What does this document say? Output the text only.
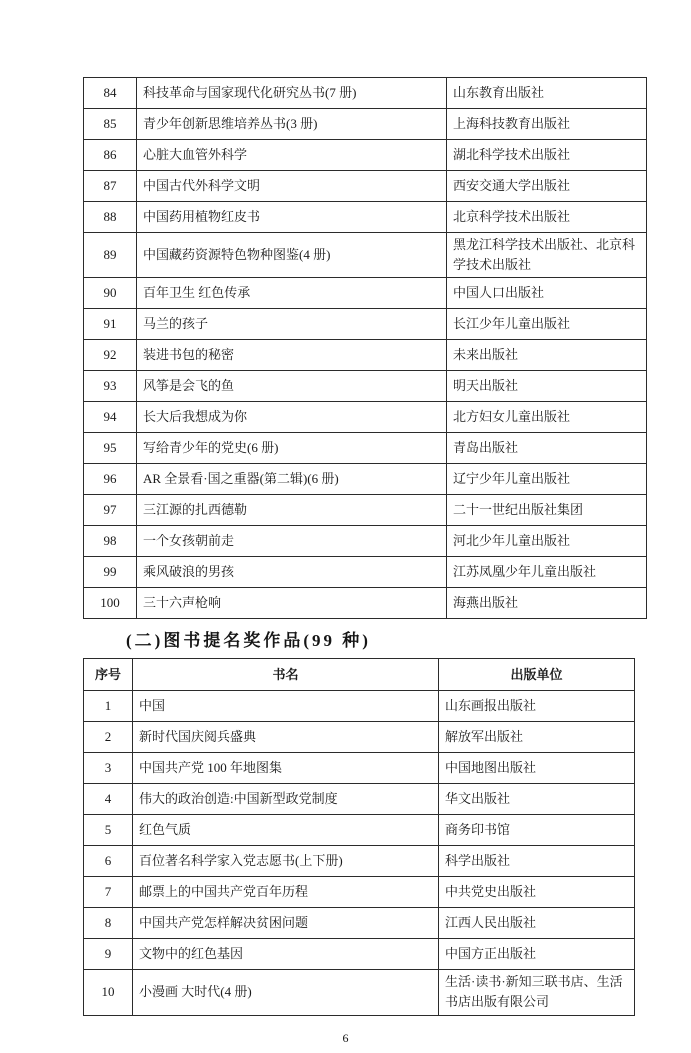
84	科技革命与国家现代化研究丛书(7 册)	山东教育出版社
85	青少年创新思维培养丛书(3 册)	上海科技教育出版社
86	心脏大血管外科学	湖北科学技术出版社
87	中国古代外科学文明	西安交通大学出版社
88	中国药用植物红皮书	北京科学技术出版社
89	中国藏药资源特色物种图鉴(4 册)	黑龙江科学技术出版社、北京科学技术出版社
90	百年卫生 红色传承	中国人口出版社
91	马兰的孩子	长江少年儿童出版社
92	装进书包的秘密	未来出版社
93	风筝是会飞的鱼	明天出版社
94	长大后我想成为你	北方妇女儿童出版社
95	写给青少年的党史(6 册)	青岛出版社
96	AR 全景看·国之重器(第二辑)(6 册)	辽宁少年儿童出版社
97	三江源的扎西德勒	二十一世纪出版社集团
98	一个女孩朝前走	河北少年儿童出版社
99	乘风破浪的男孩	江苏凤凰少年儿童出版社
100	三十六声枪响	海燕出版社
(二)图书提名奖作品(99 种)
序号	书名	出版单位
1	中国	山东画报出版社
2	新时代国庆阅兵盛典	解放军出版社
3	中国共产党 100 年地图集	中国地图出版社
4	伟大的政治创造:中国新型政党制度	华文出版社
5	红色气质	商务印书馆
6	百位著名科学家入党志愿书(上下册)	科学出版社
7	邮票上的中国共产党百年历程	中共党史出版社
8	中国共产党怎样解决贫困问题	江西人民出版社
9	文物中的红色基因	中国方正出版社
10	小漫画 大时代(4 册)	生活·读书·新知三联书店、生活书店出版有限公司
6
